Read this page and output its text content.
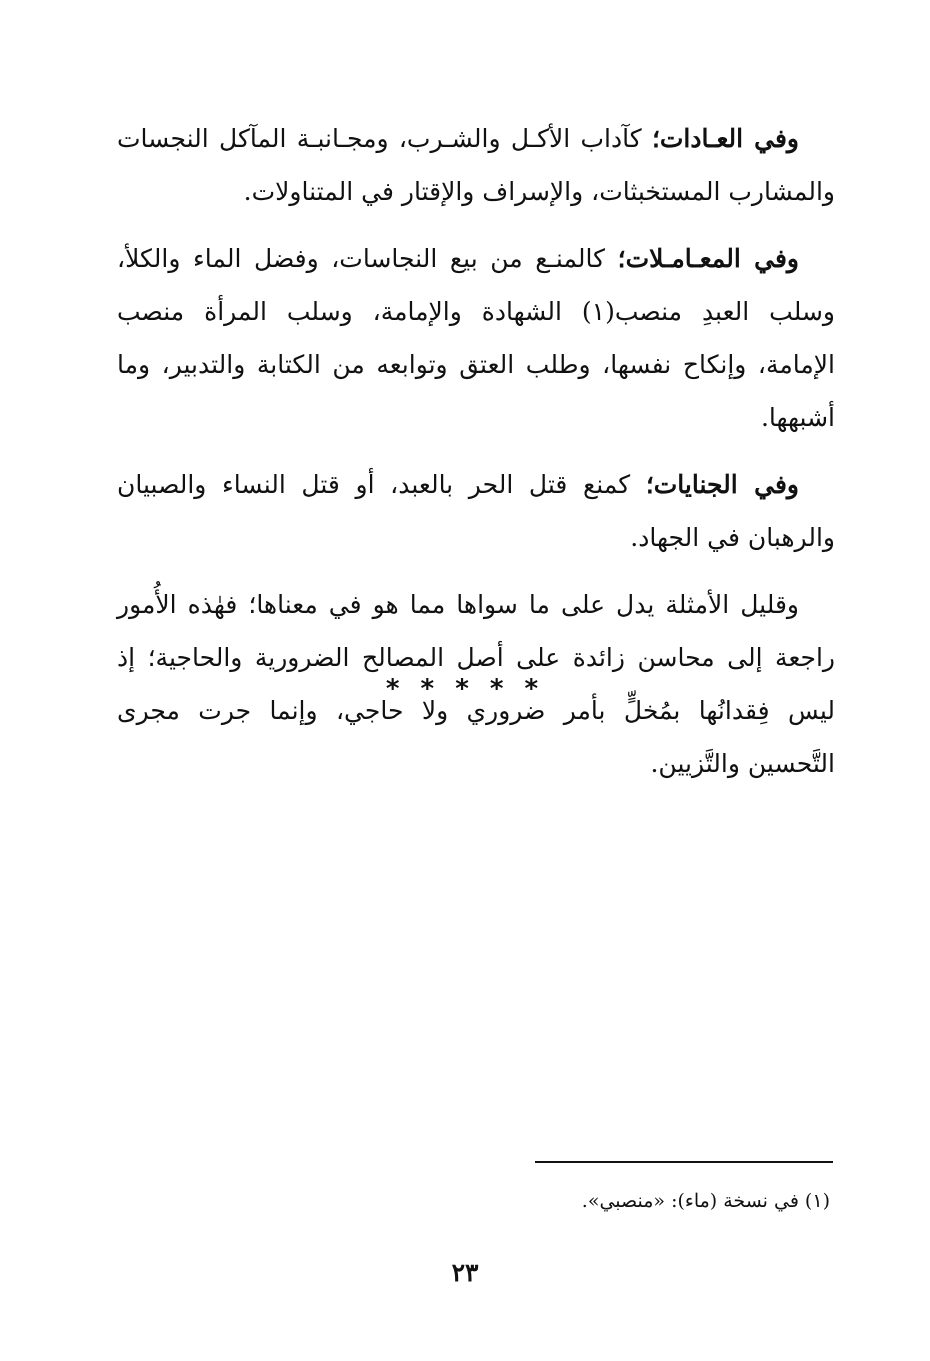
وفي العـادات؛ كآداب الأكـل والشـرب، ومجـانبـة المآكل النجسات والمشارب المستخبثات، والإسراف والإقتار في المتناولات.

وفي المعـامـلات؛ كالمنـع من بيع النجاسات، وفضل الماء والكلأ، وسلب العبدِ منصب(١) الشهادة والإمامة، وسلب المرأة منصب الإمامة، وإنكاح نفسها، وطلب العتق وتوابعه من الكتابة والتدبير، وما أشبهها.

وفي الجنايات؛ كمنع قتل الحر بالعبد، أو قتل النساء والصبيان والرهبان في الجهاد.

وقليل الأمثلة يدل على ما سواها مما هو في معناها؛ فهٰذه الأُمور راجعة إلى محاسن زائدة على أصل المصالح الضرورية والحاجية؛ إذ ليس فِقدانُها بمُخلٍّ بأمر ضروري ولا حاجي، وإنما جرت مجرى التَّحسين والتَّزيين.

* * * * *
(١) في نسخة (ماء): «منصبي».
٢٣
